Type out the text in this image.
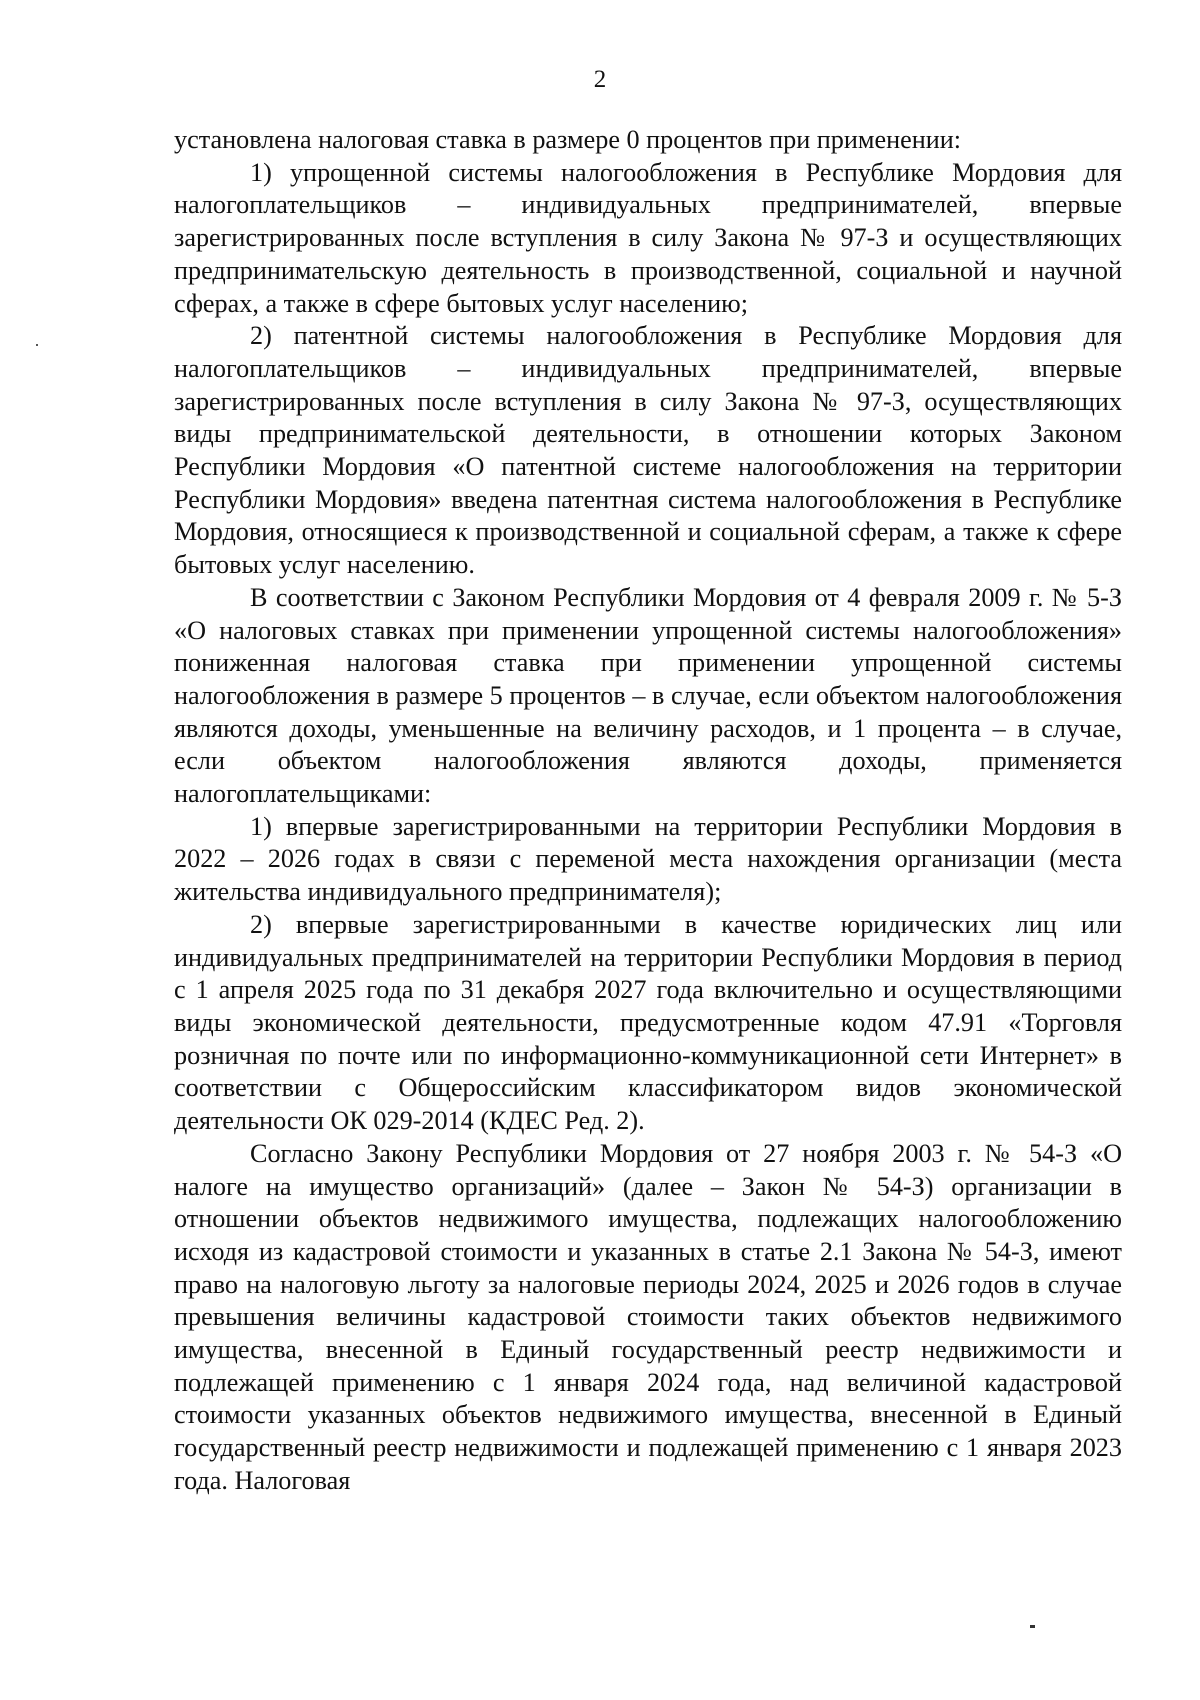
2

установлена налоговая ставка в размере 0 процентов при применении:

1) упрощенной системы налогообложения в Республике Мордовия для налогоплательщиков – индивидуальных предпринимателей, впервые зарегистрированных после вступления в силу Закона № 97-З и осуществляющих предпринимательскую деятельность в производственной, социальной и научной сферах, а также в сфере бытовых услуг населению;

2) патентной системы налогообложения в Республике Мордовия для налогоплательщиков – индивидуальных предпринимателей, впервые зарегистрированных после вступления в силу Закона № 97-З, осуществляющих виды предпринимательской деятельности, в отношении которых Законом Республики Мордовия «О патентной системе налогообложения на территории Республики Мордовия» введена патентная система налогообложения в Республике Мордовия, относящиеся к производственной и социальной сферам, а также к сфере бытовых услуг населению.

В соответствии с Законом Республики Мордовия от 4 февраля 2009 г. № 5-З «О налоговых ставках при применении упрощенной системы налогообложения» пониженная налоговая ставка при применении упрощенной системы налогообложения в размере 5 процентов – в случае, если объектом налогообложения являются доходы, уменьшенные на величину расходов, и 1 процента – в случае, если объектом налогообложения являются доходы, применяется налогоплательщиками:

1) впервые зарегистрированными на территории Республики Мордовия в 2022 – 2026 годах в связи с переменой места нахождения организации (места жительства индивидуального предпринимателя);

2) впервые зарегистрированными в качестве юридических лиц или индивидуальных предпринимателей на территории Республики Мордовия в период с 1 апреля 2025 года по 31 декабря 2027 года включительно и осуществляющими виды экономической деятельности, предусмотренные кодом 47.91 «Торговля розничная по почте или по информационно-коммуникационной сети Интернет» в соответствии с Общероссийским классификатором видов экономической деятельности ОК 029-2014 (КДЕС Ред. 2).

Согласно Закону Республики Мордовия от 27 ноября 2003 г. № 54-З «О налоге на имущество организаций» (далее – Закон № 54-З) организации в отношении объектов недвижимого имущества, подлежащих налогообложению исходя из кадастровой стоимости и указанных в статье 2.1 Закона № 54-З, имеют право на налоговую льготу за налоговые периоды 2024, 2025 и 2026 годов в случае превышения величины кадастровой стоимости таких объектов недвижимого имущества, внесенной в Единый государственный реестр недвижимости и подлежащей применению с 1 января 2024 года, над величиной кадастровой стоимости указанных объектов недвижимого имущества, внесенной в Единый государственный реестр недвижимости и подлежащей применению с 1 января 2023 года. Налоговая
